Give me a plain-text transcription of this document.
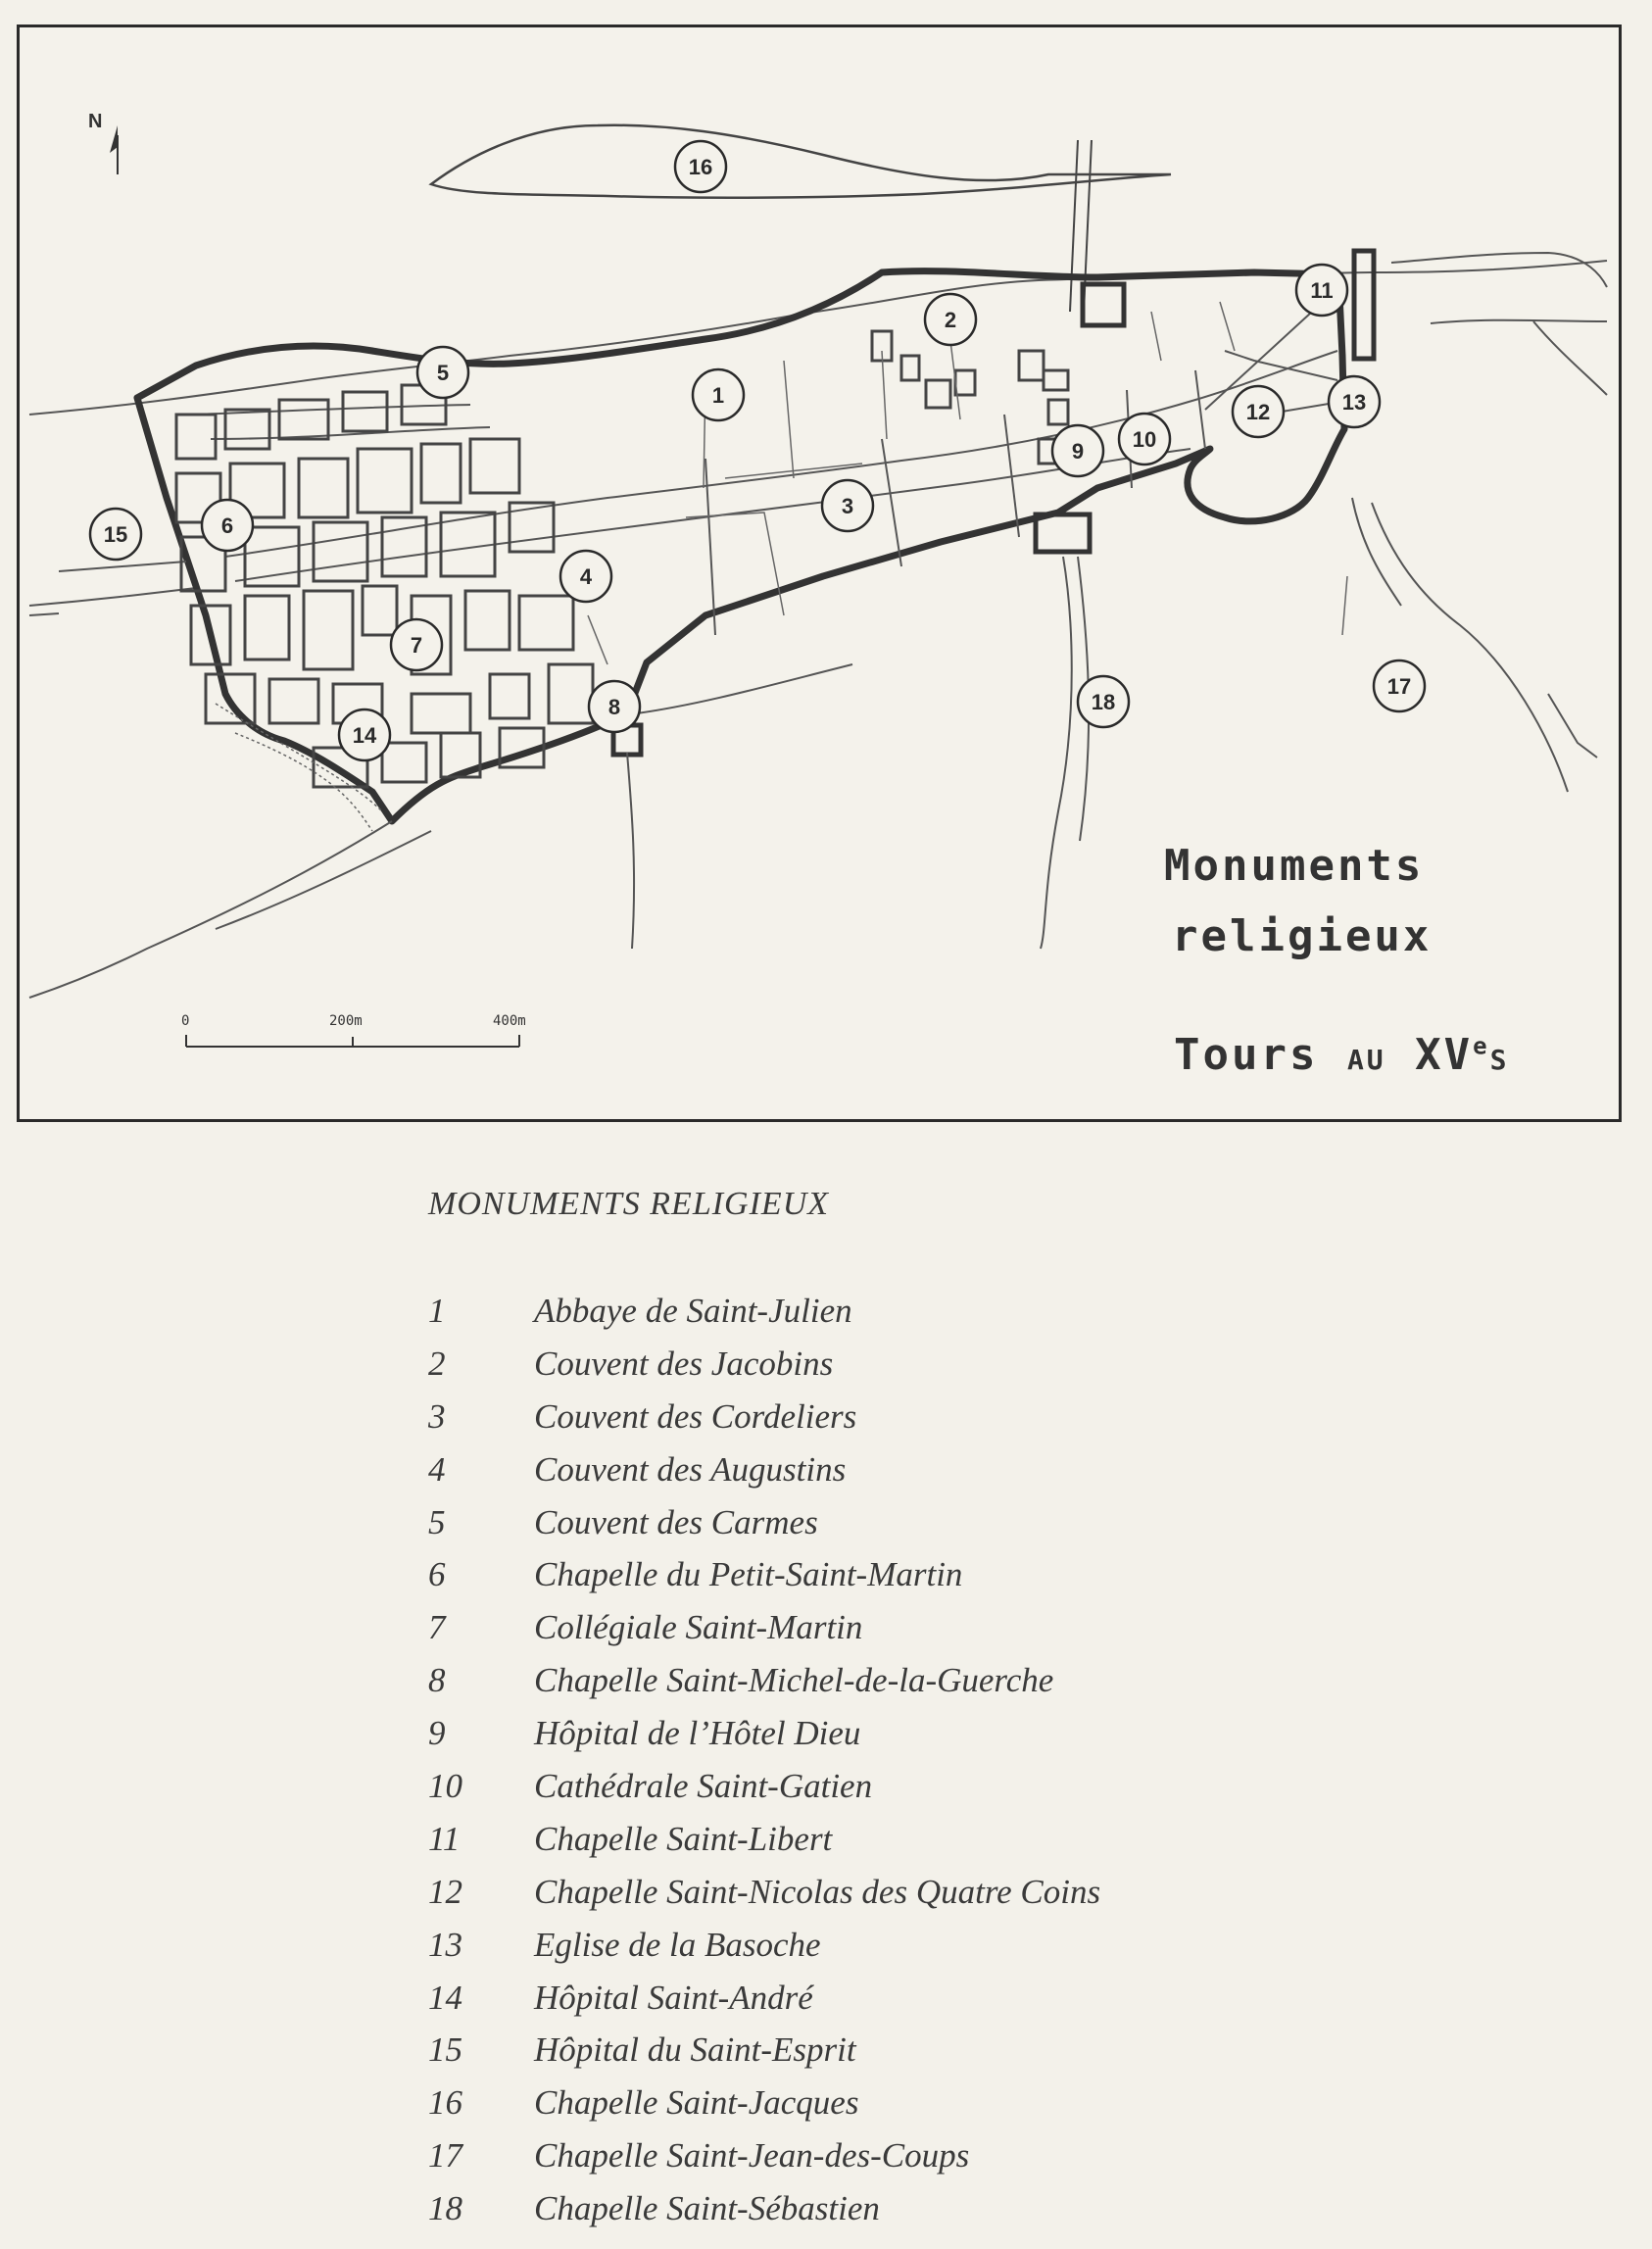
1
2
3
4
5
6
7
8
9 10
11
12	13
14
15
16
17
18
N
0	200m	400m
Monuments
religieux
Tours AU XVeS
MONUMENTS RELIGIEUX
1	Abbaye de Saint-Julien
2	Couvent des Jacobins
3	Couvent des Cordeliers
4	Couvent des Augustins
5	Couvent des Carmes
6	Chapelle du Petit-Saint-Martin
7	Collégiale Saint-Martin
8	Chapelle Saint-Michel-de-la-Guerche
9	Hôpital de l’Hôtel Dieu
10	Cathédrale Saint-Gatien
11	Chapelle Saint-Libert
12	Chapelle Saint-Nicolas des Quatre Coins
13	Eglise de la Basoche
14	Hôpital Saint-André
15	Hôpital du Saint-Esprit
16	Chapelle Saint-Jacques
17	Chapelle Saint-Jean-des-Coups
18	Chapelle Saint-Sébastien
